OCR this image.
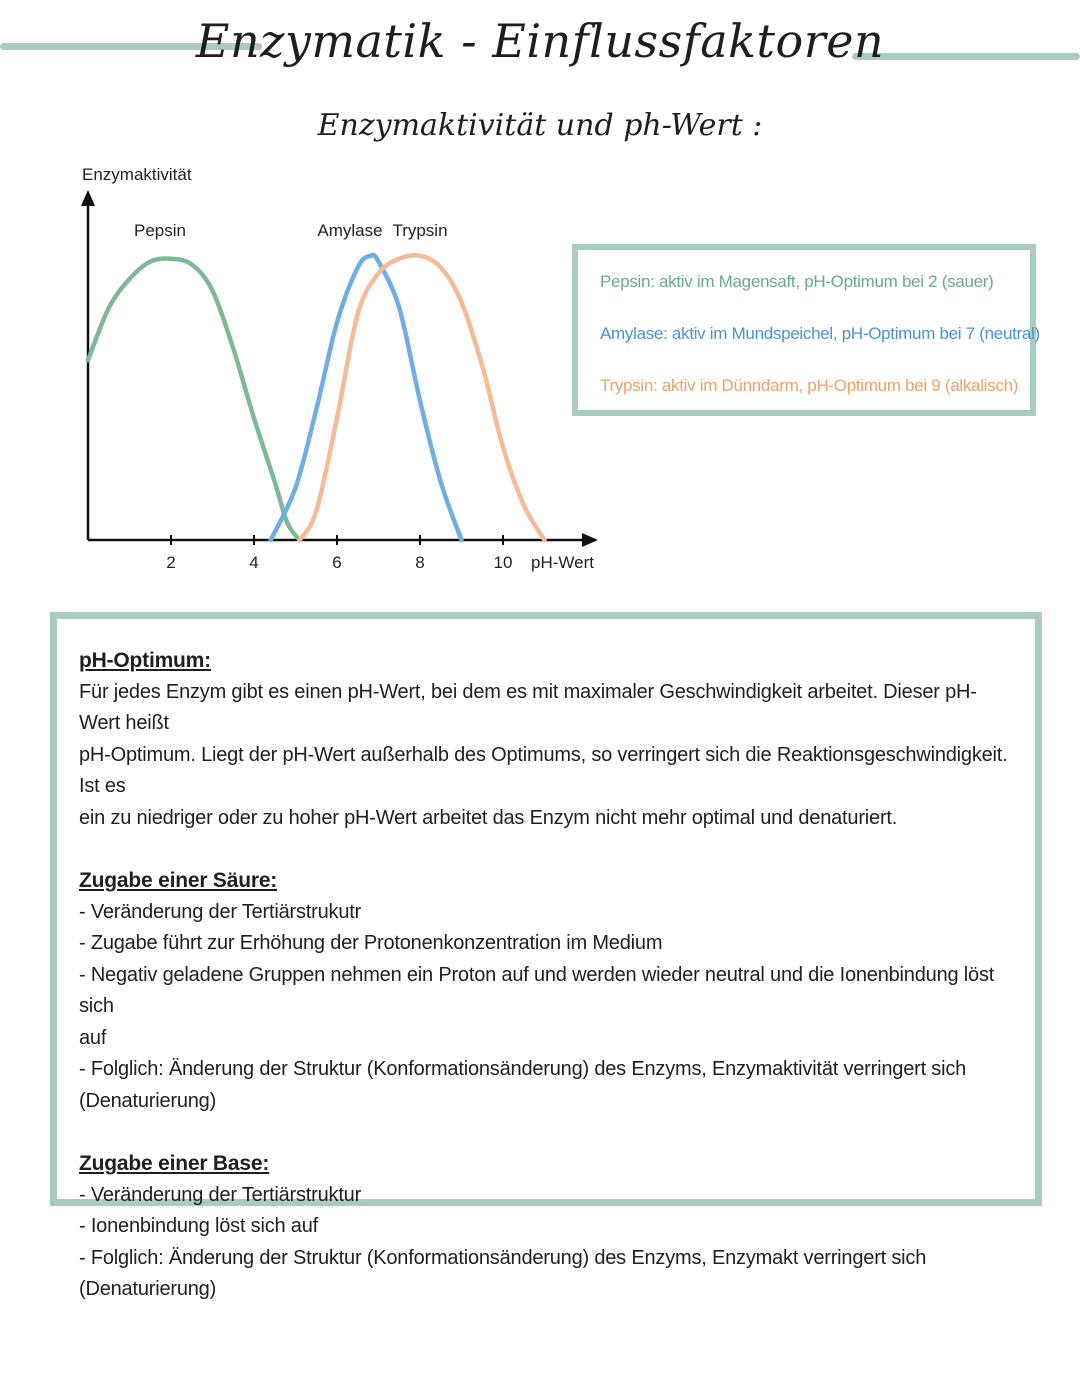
Enzymatik - Einflussfaktoren
Enzymaktivität und ph-Wert :
2	4	6	8	10
Enzymaktivität
pH-Wert
Pepsin	Amylase Trypsin
Pepsin: aktiv im Magensaft, pH-Optimum bei 2 (sauer)
Amylase: aktiv im Mundspeichel, pH-Optimum bei 7 (neutral)
Trypsin: aktiv im Dünndarm, pH-Optimum bei 9 (alkalisch)
pH-Optimum:
Für jedes Enzym gibt es einen pH-Wert, bei dem es mit maximaler Geschwindigkeit arbeitet. Dieser pH-Wert heißt
pH-Optimum. Liegt der pH-Wert außerhalb des Optimums, so verringert sich die Reaktionsgeschwindigkeit. Ist es
ein zu niedriger oder zu hoher pH-Wert arbeitet das Enzym nicht mehr optimal und denaturiert.
Zugabe einer Säure:
- Veränderung der Tertiärstrukutr
- Zugabe führt zur Erhöhung der Protonenkonzentration im Medium
- Negativ geladene Gruppen nehmen ein Proton auf und werden wieder neutral und die Ionenbindung löst sich
auf
- Folglich: Änderung der Struktur (Konformationsänderung) des Enzyms, Enzymaktivität verringert sich
(Denaturierung)
Zugabe einer Base:
- Veränderung der Tertiärstruktur
- Ionenbindung löst sich auf
- Folglich: Änderung der Struktur (Konformationsänderung) des Enzyms, Enzymakt verringert sich (Denaturierung)
